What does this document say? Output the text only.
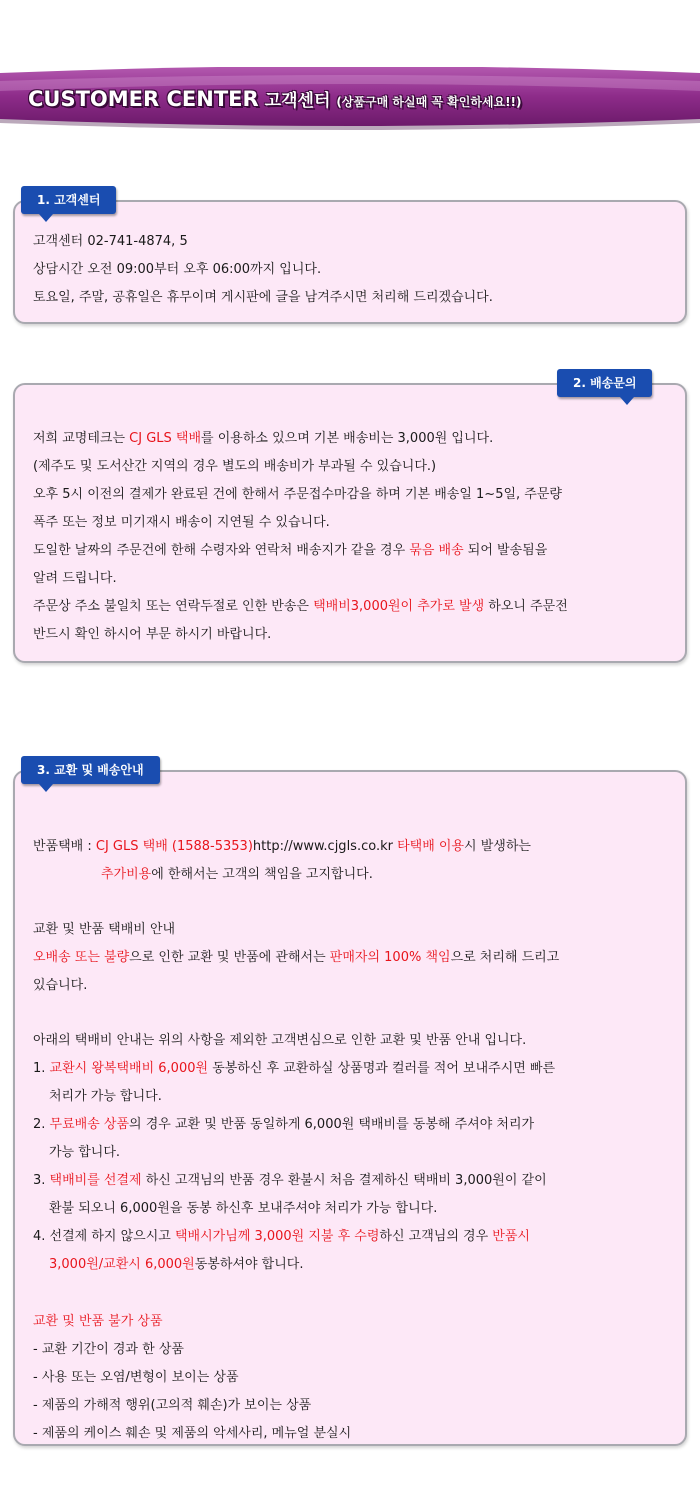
CUSTOMER CENTER 고객센터 (상품구매 하실때 꼭 확인하세요!!)
고객센터 02-741-4874, 5
상담시간 오전 09:00부터 오후 06:00까지 입니다.
토요일, 주말, 공휴일은 휴무이며 게시판에 글을 남겨주시면 처리해 드리겠습니다.
1. 고객센터
저희 교명테크는 CJ GLS 택배를 이용하소 있으며 기본 배송비는 3,000원 입니다.
(제주도 및 도서산간 지역의 경우 별도의 배송비가 부과될 수 있습니다.)
오후 5시 이전의 결제가 완료된 건에 한해서 주문접수마감을 하며 기본 배송일 1~5일, 주문량
폭주 또는 정보 미기재시 배송이 지연될 수 있습니다.
도일한 날짜의 주문건에 한해 수령자와 연락처 배송지가 같을 경우 묶음 배송 되어 발송됨을
알려 드립니다.
주문상 주소 불일치 또는 연락두절로 인한 반송은 택배비3,000원이 추가로 발생 하오니 주문전
반드시 확인 하시어 부문 하시기 바랍니다.
2. 배송문의
반품택배 : CJ GLS 택배 (1588-5353)http://www.cjgls.co.kr 타택배 이용시 발생하는
추가비용에 한해서는 고객의 책임을 고지합니다.
교환 및 반품 택배비 안내
오배송 또는 불량으로 인한 교환 및 반품에 관해서는 판매자의 100% 책임으로 처리해 드리고
있습니다.
아래의 택배비 안내는 위의 사항을 제외한 고객변심으로 인한 교환 및 반품 안내 입니다.
1. 교환시 왕복택배비 6,000원 동봉하신 후 교환하실 상품명과 컬러를 적어 보내주시면 빠른
처리가 가능 합니다.
2. 무료배송 상품의 경우 교환 및 반품 동일하게 6,000원 택배비를 동봉해 주셔야 처리가
가능 합니다.
3. 택배비를 선결제 하신 고객님의 반품 경우 환불시 처음 결제하신 택배비 3,000원이 같이
환불 되오니 6,000원을 동봉 하신후 보내주셔야 처리가 가능 합니다.
4. 선결제 하지 않으시고 택배시가님께 3,000원 지불 후 수령하신 고객님의 경우 반품시
3,000원/교환시 6,000원동봉하셔야 합니다.
교환 및 반품 불가 상품
- 교환 기간이 경과 한 상품
- 사용 또는 오염/변형이 보이는 상품
- 제품의 가해적 행위(고의적 훼손)가 보이는 상품
- 제품의 케이스 훼손 및 제품의 악세사리, 메뉴얼 분실시
3. 교환 및 배송안내
